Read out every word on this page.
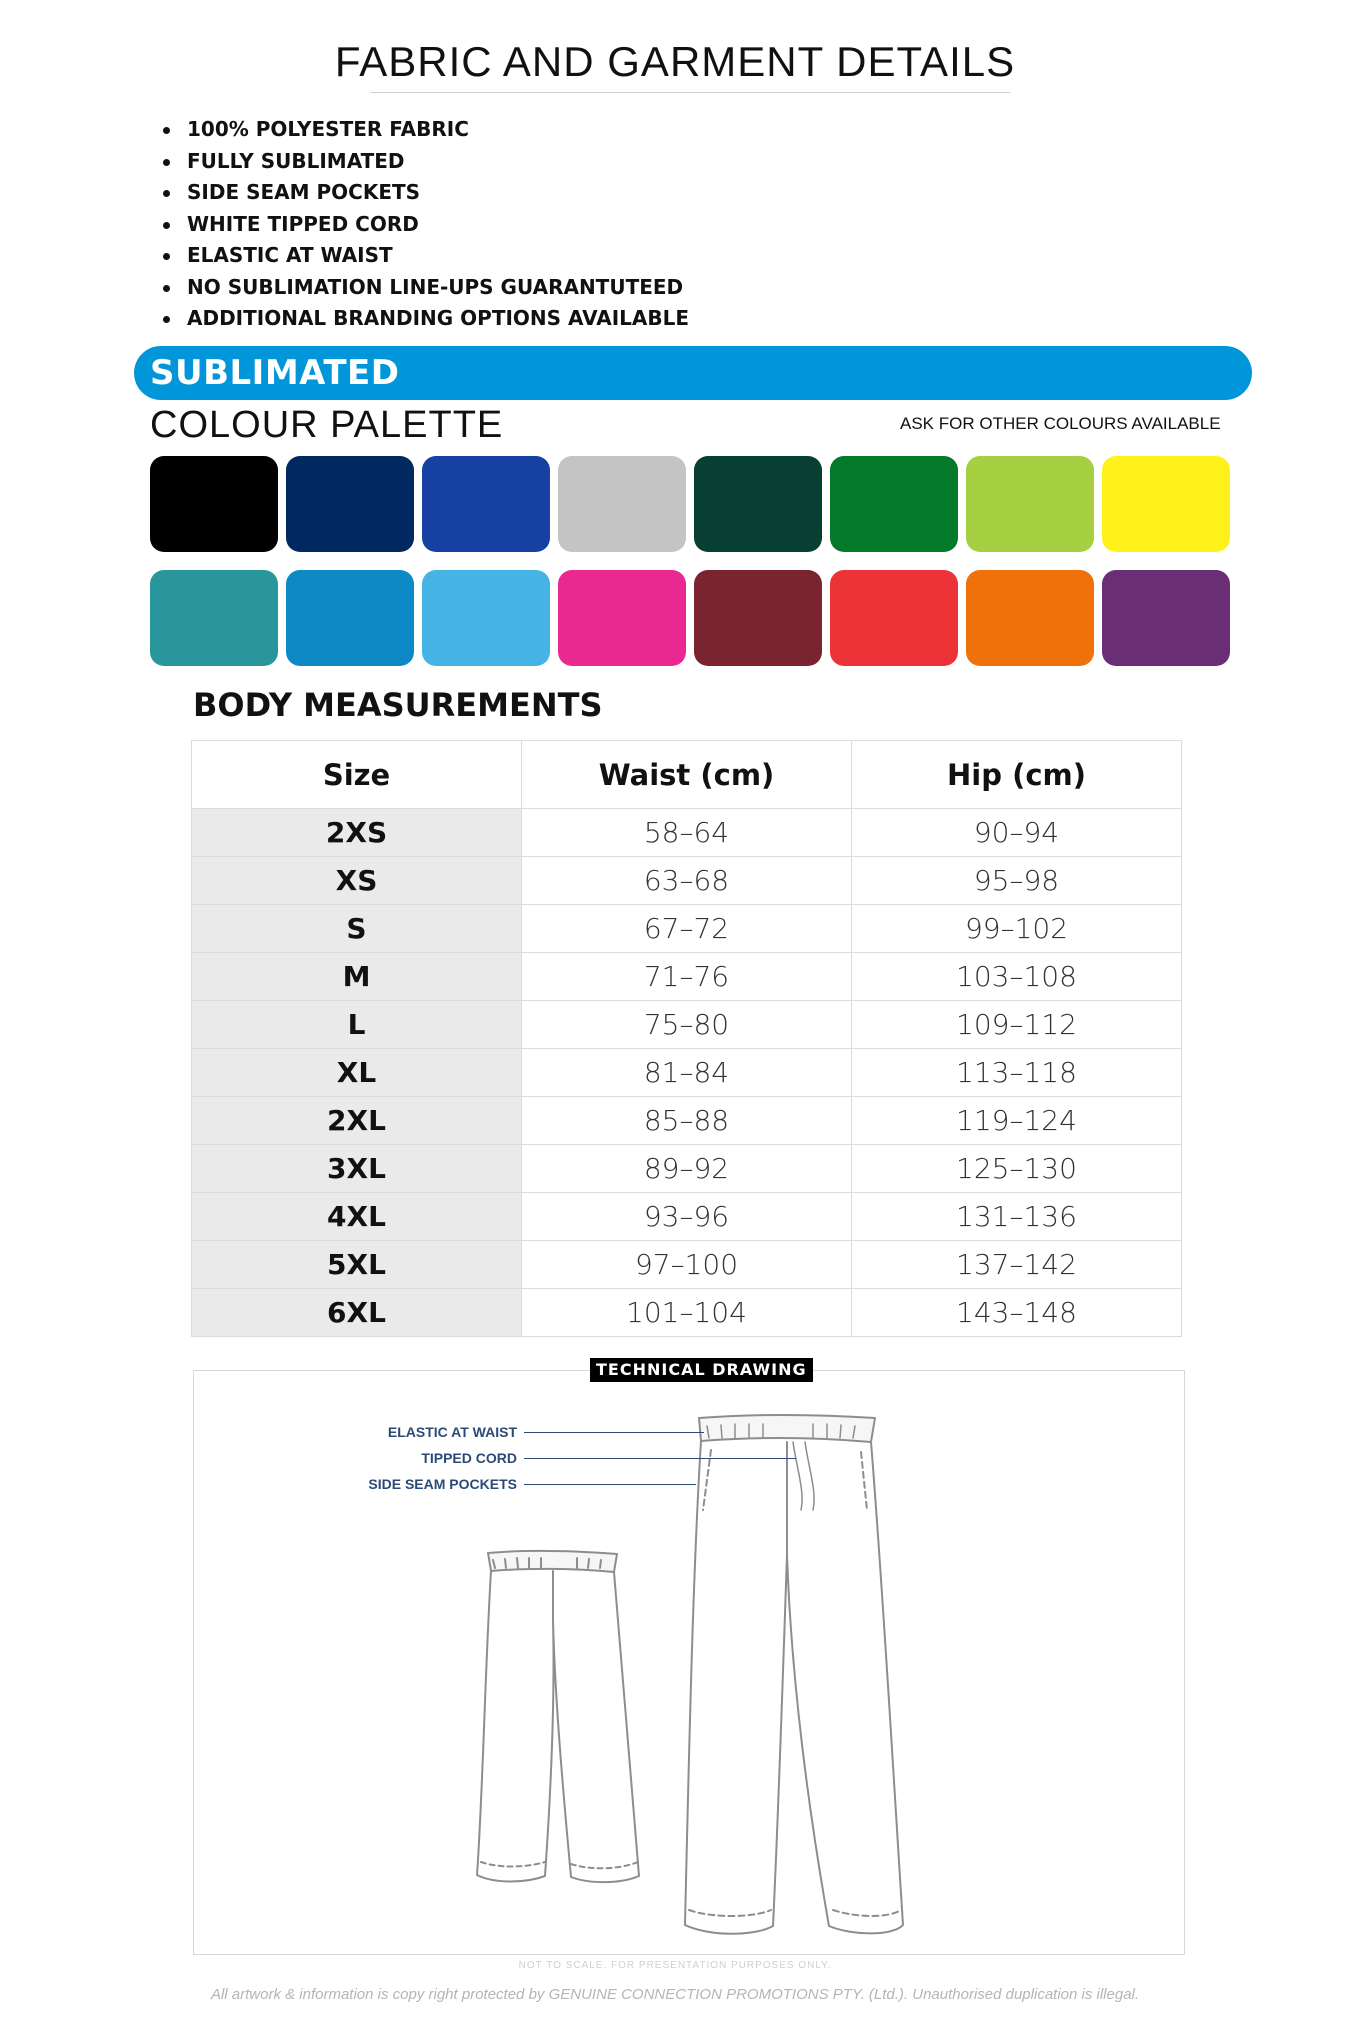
FABRIC AND GARMENT DETAILS
100% POLYESTER FABRIC
FULLY SUBLIMATED
SIDE SEAM POCKETS
WHITE TIPPED CORD
ELASTIC AT WAIST
NO SUBLIMATION LINE-UPS GUARANTUTEED
ADDITIONAL BRANDING OPTIONS AVAILABLE
SUBLIMATED
COLOUR PALETTE	ASK FOR OTHER COLOURS AVAILABLE
BODY MEASUREMENTS
Size	Waist (cm)	Hip (cm)
2XS	58–64	90–94
XS	63–68	95–98
S	67–72	99–102
M	71–76	103–108
L	75–80	109–112
XL	81–84	113–118
2XL	85–88	119–124
3XL	89–92	125–130
4XL	93–96	131–136
5XL	97–100	137–142
6XL	101–104	143–148
TECHNICAL DRAWING
ELASTIC AT WAIST
TIPPED CORD
SIDE SEAM POCKETS
NOT TO SCALE. FOR PRESENTATION PURPOSES ONLY.
All artwork & information is copy right protected by GENUINE CONNECTION PROMOTIONS PTY. (Ltd.). Unauthorised duplication is illegal.
